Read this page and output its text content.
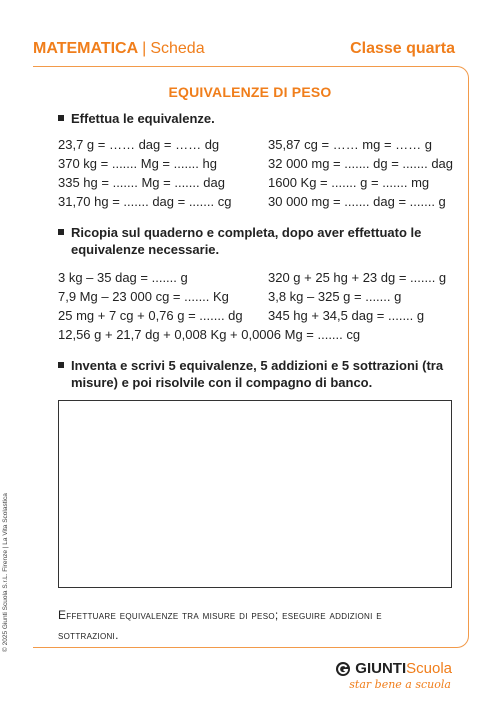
MATEMATICA | Scheda	Classe quarta
EQUIVALENZE DI PESO
Effettua le equivalenze.
23,7 g = …… dag = …… dg
370 kg = ....... Mg = ....... hg
335 hg = ....... Mg = ....... dag
31,70 hg = ....... dag = ....... cg
35,87 cg = …… mg = …… g
32 000 mg = ....... dg = ....... dag
1600 Kg = ....... g = ....... mg
30 000 mg = ....... dag = ....... g
Ricopia sul quaderno e completa, dopo aver effettuato le
equivalenze necessarie.
3 kg – 35 dag = ....... g
7,9 Mg – 23 000 cg = ....... Kg
25 mg + 7 cg + 0,76 g = ....... dg
320 g + 25 hg + 23 dg = ....... g
3,8 kg – 325 g = ....... g
345 hg + 34,5 dag = ....... g
12,56 g + 21,7 dg + 0,008 Kg + 0,0006 Mg = ....... cg
Inventa e scrivi 5 equivalenze, 5 addizioni e 5 sottrazioni (tra
misure) e poi risolvile con il compagno di banco.
Effettuare equivalenze tra misure di peso; eseguire addizioni e
sottrazioni.
© 2025 Giunti Scuola S.r.L. Firenze | La Vita Scolastica
GIUNTI Scuola
star bene a scuola
